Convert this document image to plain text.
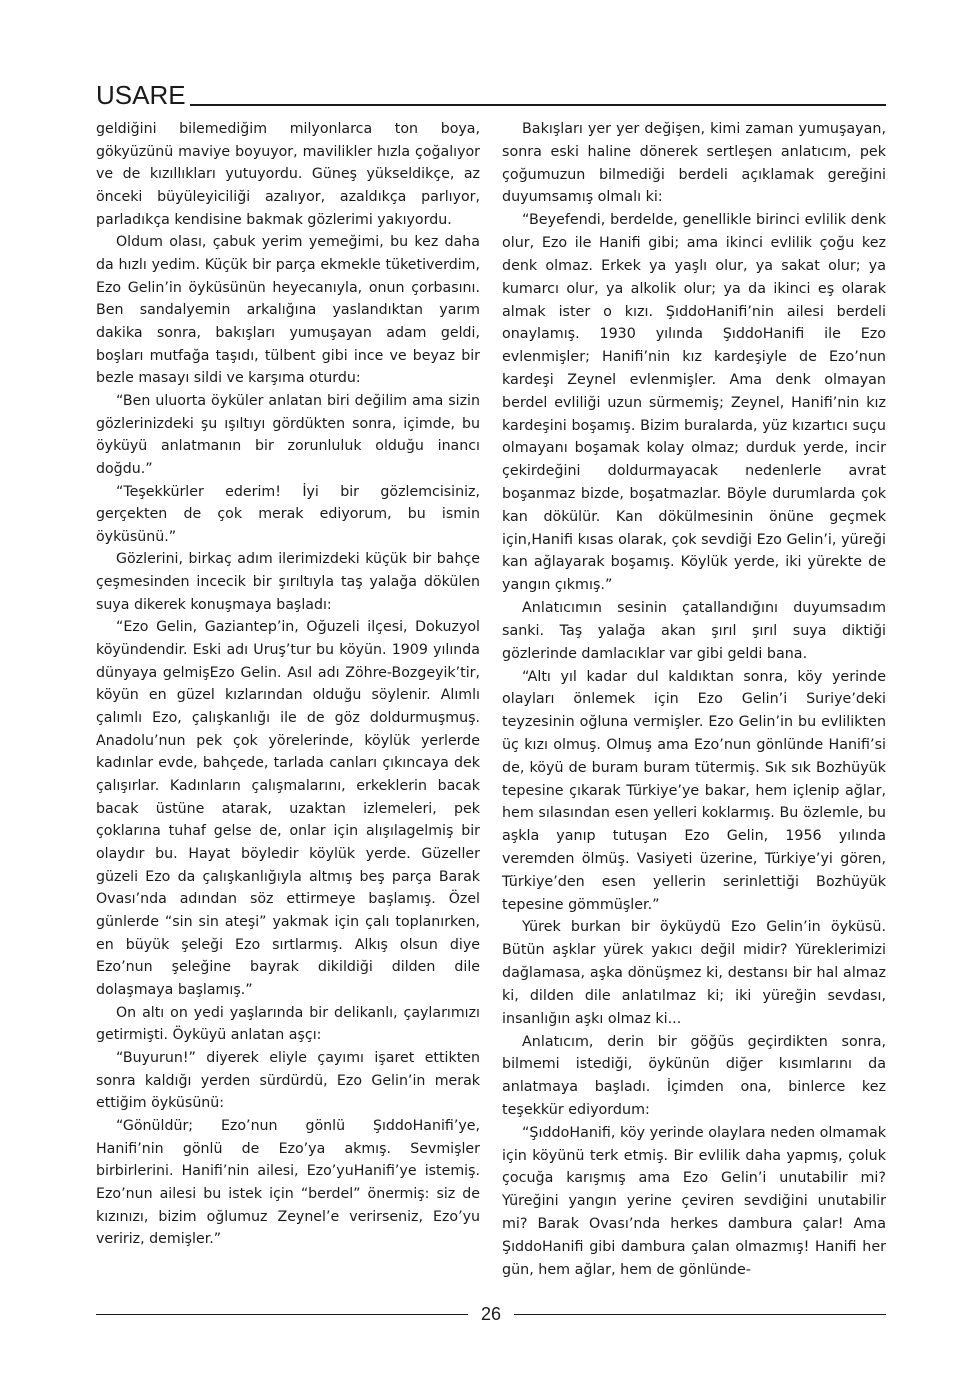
USARE

geldiğini bilemediğim milyonlarca ton boya, gökyüzünü maviye boyuyor, mavilikler hızla çoğalıyor ve de kızıllıkları yutuyordu. Güneş yükseldikçe, az önceki büyüleyiciliği azalıyor, azaldıkça parlıyor, parladıkça kendisine bakmak gözlerimi yakıyordu.

Oldum olası, çabuk yerim yemeğimi, bu kez daha da hızlı yedim. Küçük bir parça ekmekle tüketiverdim, Ezo Gelin’in öyküsünün heyecanıyla, onun çorbasını. Ben sandalyemin arkalığına yaslandıktan yarım dakika sonra, bakışları yumuşayan adam geldi, boşları mutfağa taşıdı, tülbent gibi ince ve beyaz bir bezle masayı sildi ve karşıma oturdu:

“Ben uluorta öyküler anlatan biri değilim ama sizin gözlerinizdeki şu ışıltıyı gördükten sonra, içimde, bu öyküyü anlatmanın bir zorunluluk olduğu inancı doğdu.”

“Teşekkürler ederim! İyi bir gözlemcisiniz, gerçekten de çok merak ediyorum, bu ismin öyküsünü.”

Gözlerini, birkaç adım ilerimizdeki küçük bir bahçe çeşmesinden incecik bir şırıltıyla taş yalağa dökülen suya dikerek konuşmaya başladı:

“Ezo Gelin, Gaziantep’in, Oğuzeli ilçesi, Dokuzyol köyündendir. Eski adı Uruş’tur bu köyün. 1909 yılında dünyaya gelmişEzo Gelin. Asıl adı Zöhre-Bozgeyik’tir, köyün en güzel kızlarından olduğu söylenir. Alımlı çalımlı Ezo, çalışkanlığı ile de göz doldurmuşmuş. Anadolu’nun pek çok yörelerinde, köylük yerlerde kadınlar evde, bahçede, tarlada canları çıkıncaya dek çalışırlar. Kadınların çalışmalarını, erkeklerin bacak bacak üstüne atarak, uzaktan izlemeleri, pek çoklarına tuhaf gelse de, onlar için alışılagelmiş bir olaydır bu. Hayat böyledir köylük yerde. Güzeller güzeli Ezo da çalışkanlığıyla altmış beş parça Barak Ovası’nda adından söz ettirmeye başlamış. Özel günlerde “sin sin ateşi” yakmak için çalı toplanırken, en büyük şeleği Ezo sırtlarmış. Alkış olsun diye Ezo’nun şeleğine bayrak dikildiği dilden dile dolaşmaya başlamış.”

On altı on yedi yaşlarında bir delikanlı, çaylarımızı getirmişti. Öyküyü anlatan aşçı:

“Buyurun!” diyerek eliyle çayımı işaret ettikten sonra kaldığı yerden sürdürdü, Ezo Gelin’in merak ettiğim öyküsünü:

“Gönüldür; Ezo’nun gönlü ŞıddoHanifi’ye, Hanifi’nin gönlü de Ezo’ya akmış. Sevmişler birbirlerini. Hanifi’nin ailesi, Ezo’yuHanifi’ye istemiş. Ezo’nun ailesi bu istek için “berdel” önermiş: siz de kızınızı, bizim oğlumuz Zeynel’e verirseniz, Ezo’yu veririz, demişler.”

Bakışları yer yer değişen, kimi zaman yumuşayan, sonra eski haline dönerek sertleşen anlatıcım, pek çoğumuzun bilmediği berdeli açıklamak gereğini duyumsamış olmalı ki:

“Beyefendi, berdelde, genellikle birinci evlilik denk olur, Ezo ile Hanifi gibi; ama ikinci evlilik çoğu kez denk olmaz. Erkek ya yaşlı olur, ya sakat olur; ya kumarcı olur, ya alkolik olur; ya da ikinci eş olarak almak ister o kızı. ŞıddoHanifi’nin ailesi berdeli onaylamış. 1930 yılında ŞıddoHanifi ile Ezo evlenmişler; Hanifi’nin kız kardeşiyle de Ezo’nun kardeşi Zeynel evlenmişler. Ama denk olmayan berdel evliliği uzun sürmemiş; Zeynel, Hanifi’nin kız kardeşini boşamış. Bizim buralarda, yüz kızartıcı suçu olmayanı boşamak kolay olmaz; durduk yerde, incir çekirdeğini doldurmayacak nedenlerle avrat boşanmaz bizde, boşatmazlar. Böyle durumlarda çok kan dökülür. Kan dökülmesinin önüne geçmek için,Hanifi kısas olarak, çok sevdiği Ezo Gelin’i, yüreği kan ağlayarak boşamış. Köylük yerde, iki yürekte de yangın çıkmış.”

Anlatıcımın sesinin çatallandığını duyumsadım sanki. Taş yalağa akan şırıl şırıl suya diktiği gözlerinde damlacıklar var gibi geldi bana.

“Altı yıl kadar dul kaldıktan sonra, köy yerinde olayları önlemek için Ezo Gelin’i Suriye’deki teyzesinin oğluna vermişler. Ezo Gelin’in bu evlilikten üç kızı olmuş. Olmuş ama Ezo’nun gönlünde Hanifi’si de, köyü de buram buram tütermiş. Sık sık Bozhüyük tepesine çıkarak Türkiye’ye bakar, hem içlenip ağlar, hem sılasından esen yelleri koklarmış. Bu özlemle, bu aşkla yanıp tutuşan Ezo Gelin, 1956 yılında veremden ölmüş. Vasiyeti üzerine, Türkiye’yi gören, Türkiye’den esen yellerin serinlettiği Bozhüyük tepesine gömmüşler.”

Yürek burkan bir öyküydü Ezo Gelin’in öyküsü. Bütün aşklar yürek yakıcı değil midir? Yüreklerimizi dağlamasa, aşka dönüşmez ki, destansı bir hal almaz ki, dilden dile anlatılmaz ki; iki yüreğin sevdası, insanlığın aşkı olmaz ki...

Anlatıcım, derin bir göğüs geçirdikten sonra, bilmemi istediği, öykünün diğer kısımlarını da anlatmaya başladı. İçimden ona, binlerce kez teşekkür ediyordum:

“ŞıddoHanifi, köy yerinde olaylara neden olmamak için köyünü terk etmiş. Bir evlilik daha yapmış, çoluk çocuğa karışmış ama Ezo Gelin’i unutabilir mi? Yüreğini yangın yerine çeviren sevdiğini unutabilir mi? Barak Ovası’nda herkes dambura çalar! Ama ŞıddoHanifi gibi dambura çalan olmazmış! Hanifi her gün, hem ağlar, hem de gönlünde-

26
